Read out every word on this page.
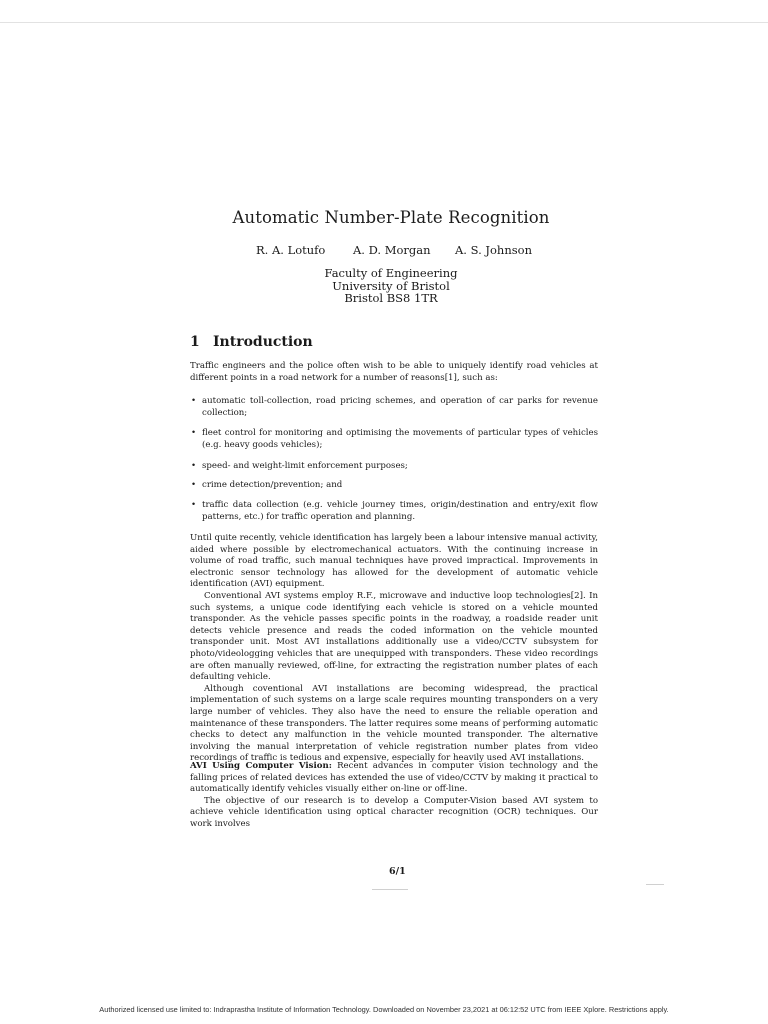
Automatic Number-Plate Recognition
R. A. Lotufo A. D. Morgan A. S. Johnson
Faculty of Engineering
University of Bristol
Bristol BS8 1TR
1 Introduction
Traffic engineers and the police often wish to be able to uniquely identify road vehicles at different points in a road network for a number of reasons[1], such as:
• automatic toll-collection, road pricing schemes, and operation of car parks for revenue collection;
• fleet control for monitoring and optimising the movements of particular types of vehicles (e.g. heavy goods vehicles);
• speed- and weight-limit enforcement purposes;
• crime detection/prevention; and
• traffic data collection (e.g. vehicle journey times, origin/destination and entry/exit flow patterns, etc.) for traffic operation and planning.

Until quite recently, vehicle identification has largely been a labour intensive manual activity, aided where possible by electromechanical actuators. With the continuing increase in volume of road traffic, such manual techniques have proved impractical. Improvements in electronic sensor technology has allowed for the development of automatic vehicle identification (AVI) equipment.

Conventional AVI systems employ R.F., microwave and inductive loop technologies[2]. In such systems, a unique code identifying each vehicle is stored on a vehicle mounted transponder. As the vehicle passes specific points in the roadway, a roadside reader unit detects vehicle presence and reads the coded information on the vehicle mounted transponder unit. Most AVI installations additionally use a video/CCTV subsystem for photo/videologging vehicles that are unequipped with transponders. These video recordings are often manually reviewed, off-line, for extracting the registration number plates of each defaulting vehicle.

Although coventional AVI installations are becoming widespread, the practical implementation of such systems on a large scale requires mounting transponders on a very large number of vehicles. They also have the need to ensure the reliable operation and maintenance of these transponders. The latter requires some means of performing automatic checks to detect any malfunction in the vehicle mounted transponder. The alternative involving the manual interpretation of vehicle registration number plates from video recordings of traffic is tedious and expensive, especially for heavily used AVI installations.

AVI Using Computer Vision: Recent advances in computer vision technology and the falling prices of related devices has extended the use of video/CCTV by making it practical to automatically identify vehicles visually either on-line or off-line.

The objective of our research is to develop a Computer-Vision based AVI system to achieve vehicle identification using optical character recognition (OCR) techniques. Our work involves

6/1
Authorized licensed use limited to: Indraprastha Institute of Information Technology. Downloaded on November 23,2021 at 06:12:52 UTC from IEEE Xplore. Restrictions apply.
